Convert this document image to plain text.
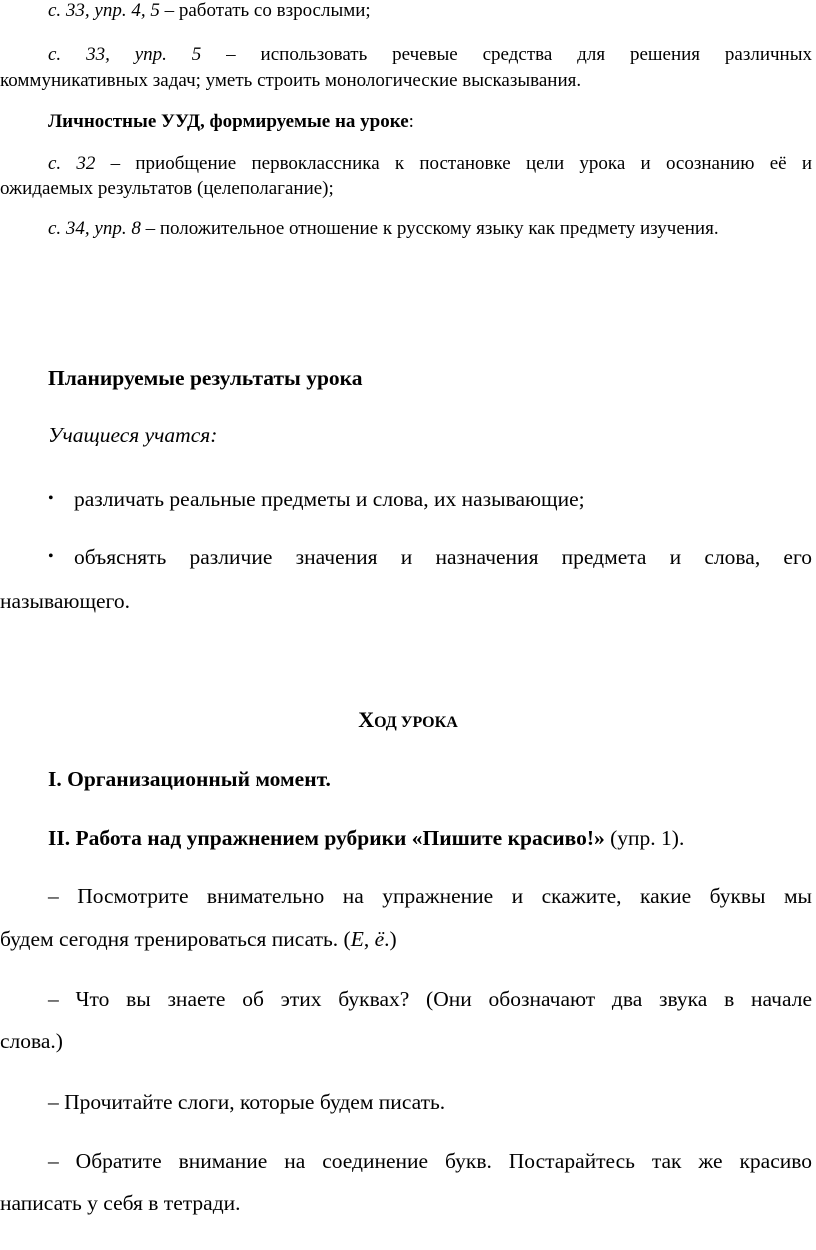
с. 33, упр. 4, 5 – работать со взрослыми;
с. 33, упр. 5 – использовать речевые средства для решения различных
коммуникативных задач; уметь строить монологические высказывания.
Личностные УУД, формируемые на уроке:
с. 32 – приобщение первоклассника к постановке цели урока и осознанию её и
ожидаемых результатов (целеполагание);
с. 34, упр. 8 – положительное отношение к русскому языку как предмету изучения.
Планируемые результаты урока
Учащиеся учатся:
• различать реальные предметы и слова, их называющие;
• объяснять различие значения и назначения предмета и слова, его
называющего.
ХОД УРОКА
I. Организационный момент.
II. Работа над упражнением рубрики «Пишите красиво!» (упр. 1).
– Посмотрите внимательно на упражнение и скажите, какие буквы мы
будем сегодня тренироваться писать. (Е, ё.)
– Что вы знаете об этих буквах? (Они обозначают два звука в начале
слова.)
– Прочитайте слоги, которые будем писать.
– Обратите внимание на соединение букв. Постарайтесь так же красиво
написать у себя в тетради.
